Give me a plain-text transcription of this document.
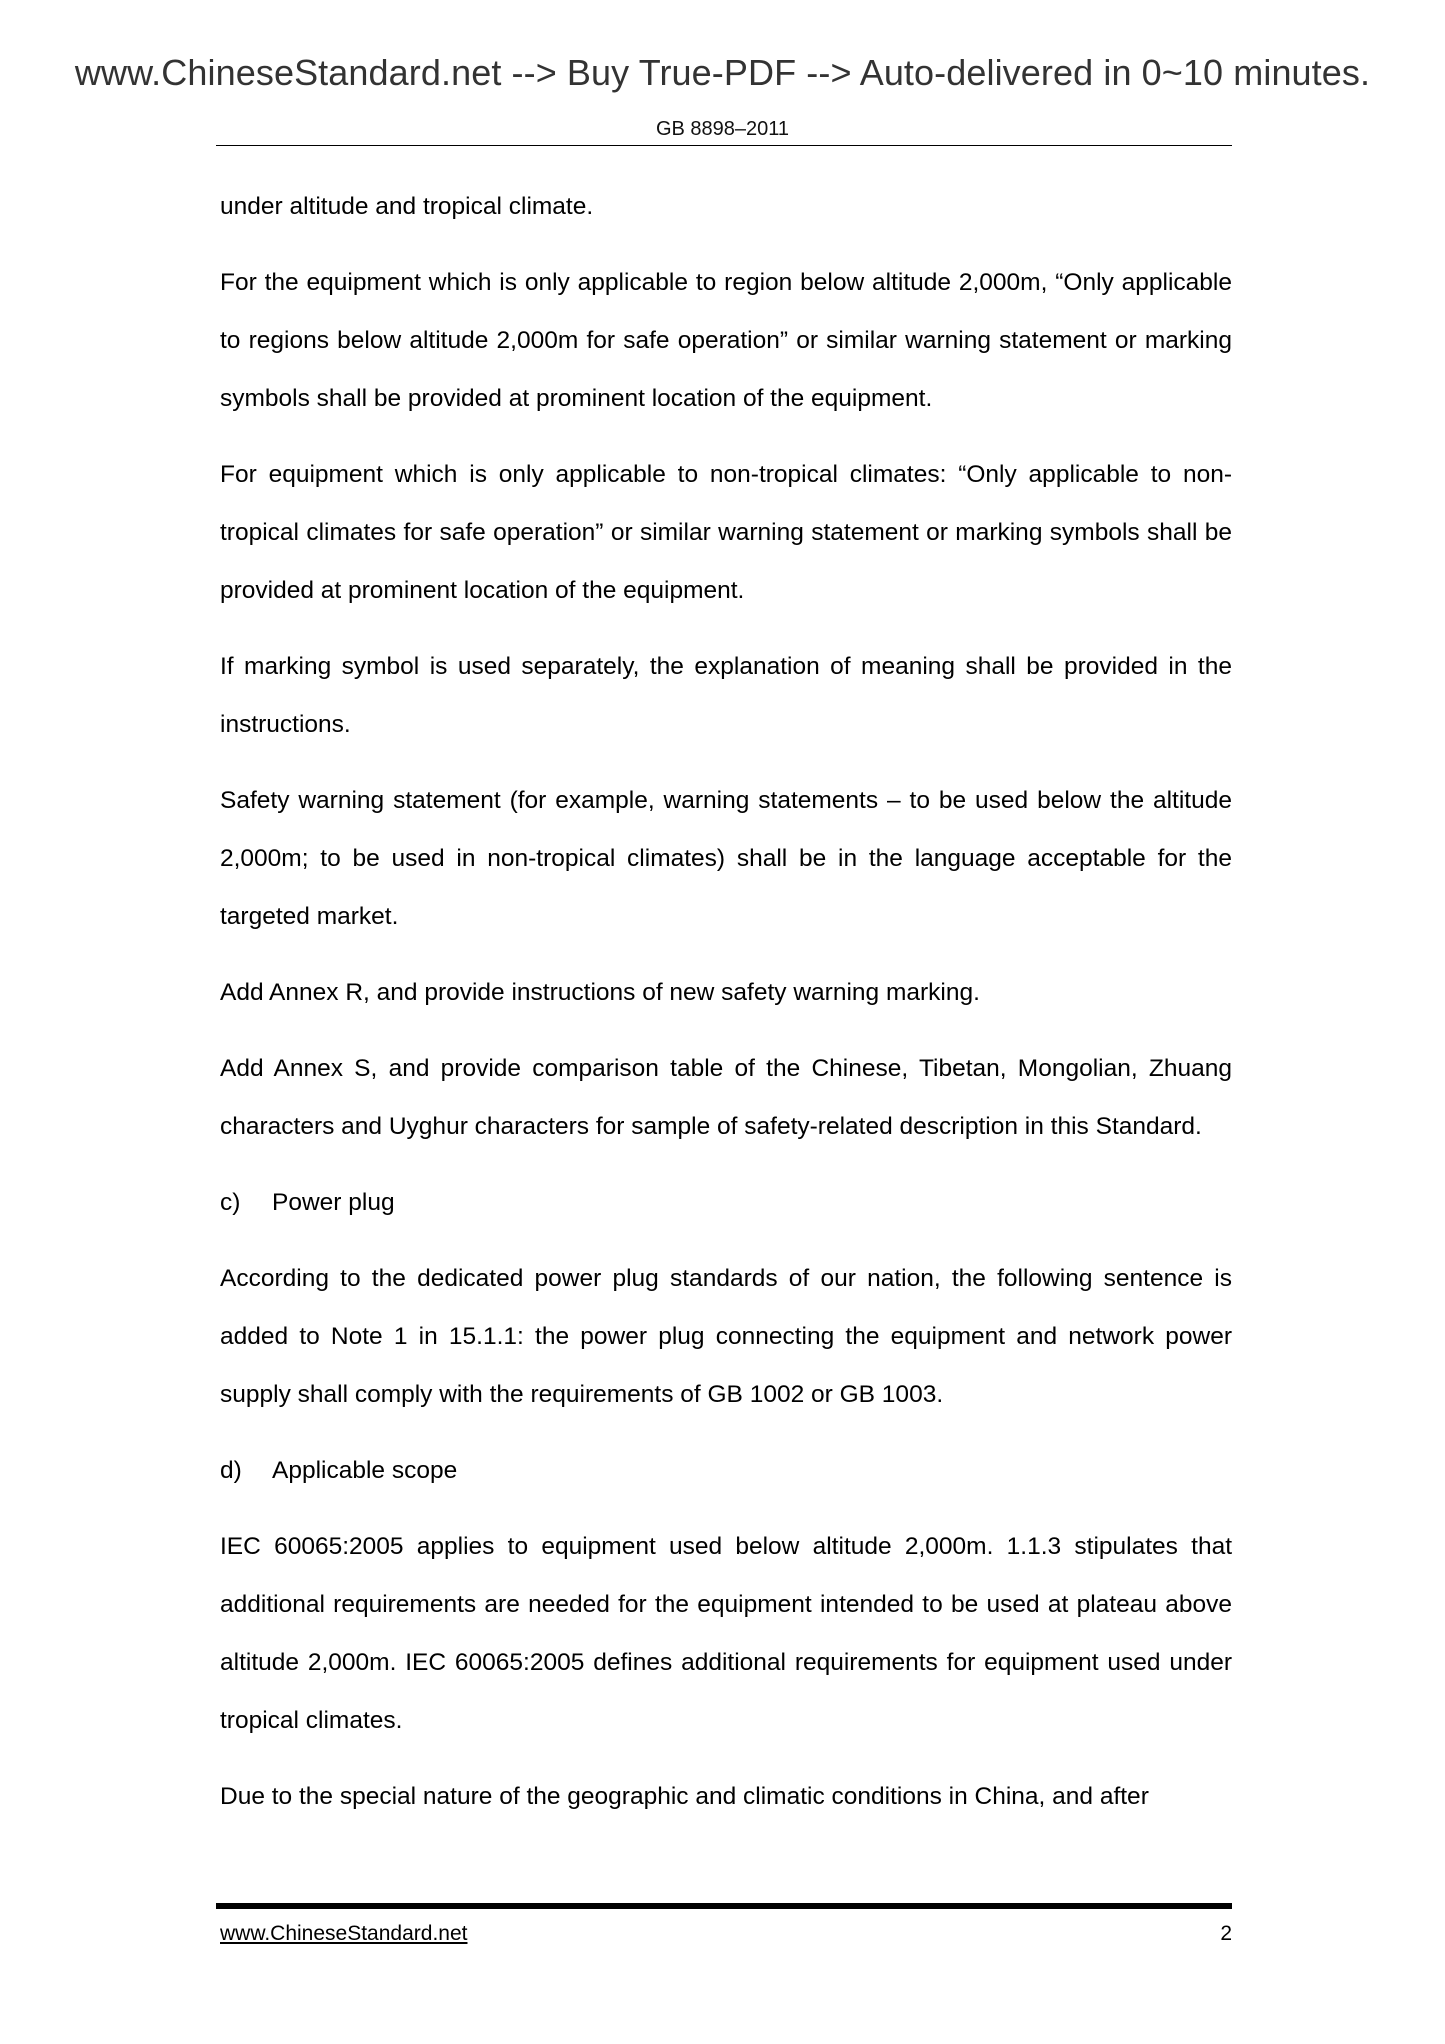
www.ChineseStandard.net --> Buy True-PDF --> Auto-delivered in 0~10 minutes.
GB 8898–2011

under altitude and tropical climate.

For the equipment which is only applicable to region below altitude 2,000m, “Only applicable to regions below altitude 2,000m for safe operation” or similar warning statement or marking symbols shall be provided at prominent location of the equipment.

For equipment which is only applicable to non-tropical climates: “Only applicable to non-tropical climates for safe operation” or similar warning statement or marking symbols shall be provided at prominent location of the equipment.

If marking symbol is used separately, the explanation of meaning shall be provided in the instructions.

Safety warning statement (for example, warning statements – to be used below the altitude 2,000m; to be used in non-tropical climates) shall be in the language acceptable for the targeted market.

Add Annex R, and provide instructions of new safety warning marking.

Add Annex S, and provide comparison table of the Chinese, Tibetan, Mongolian, Zhuang characters and Uyghur characters for sample of safety-related description in this Standard.

c)	Power plug

According to the dedicated power plug standards of our nation, the following sentence is added to Note 1 in 15.1.1: the power plug connecting the equipment and network power supply shall comply with the requirements of GB 1002 or GB 1003.

d)	Applicable scope

IEC 60065:2005 applies to equipment used below altitude 2,000m. 1.1.3 stipulates that additional requirements are needed for the equipment intended to be used at plateau above altitude 2,000m. IEC 60065:2005 defines additional requirements for equipment used under tropical climates.

Due to the special nature of the geographic and climatic conditions in China, and after

www.ChineseStandard.net	2
